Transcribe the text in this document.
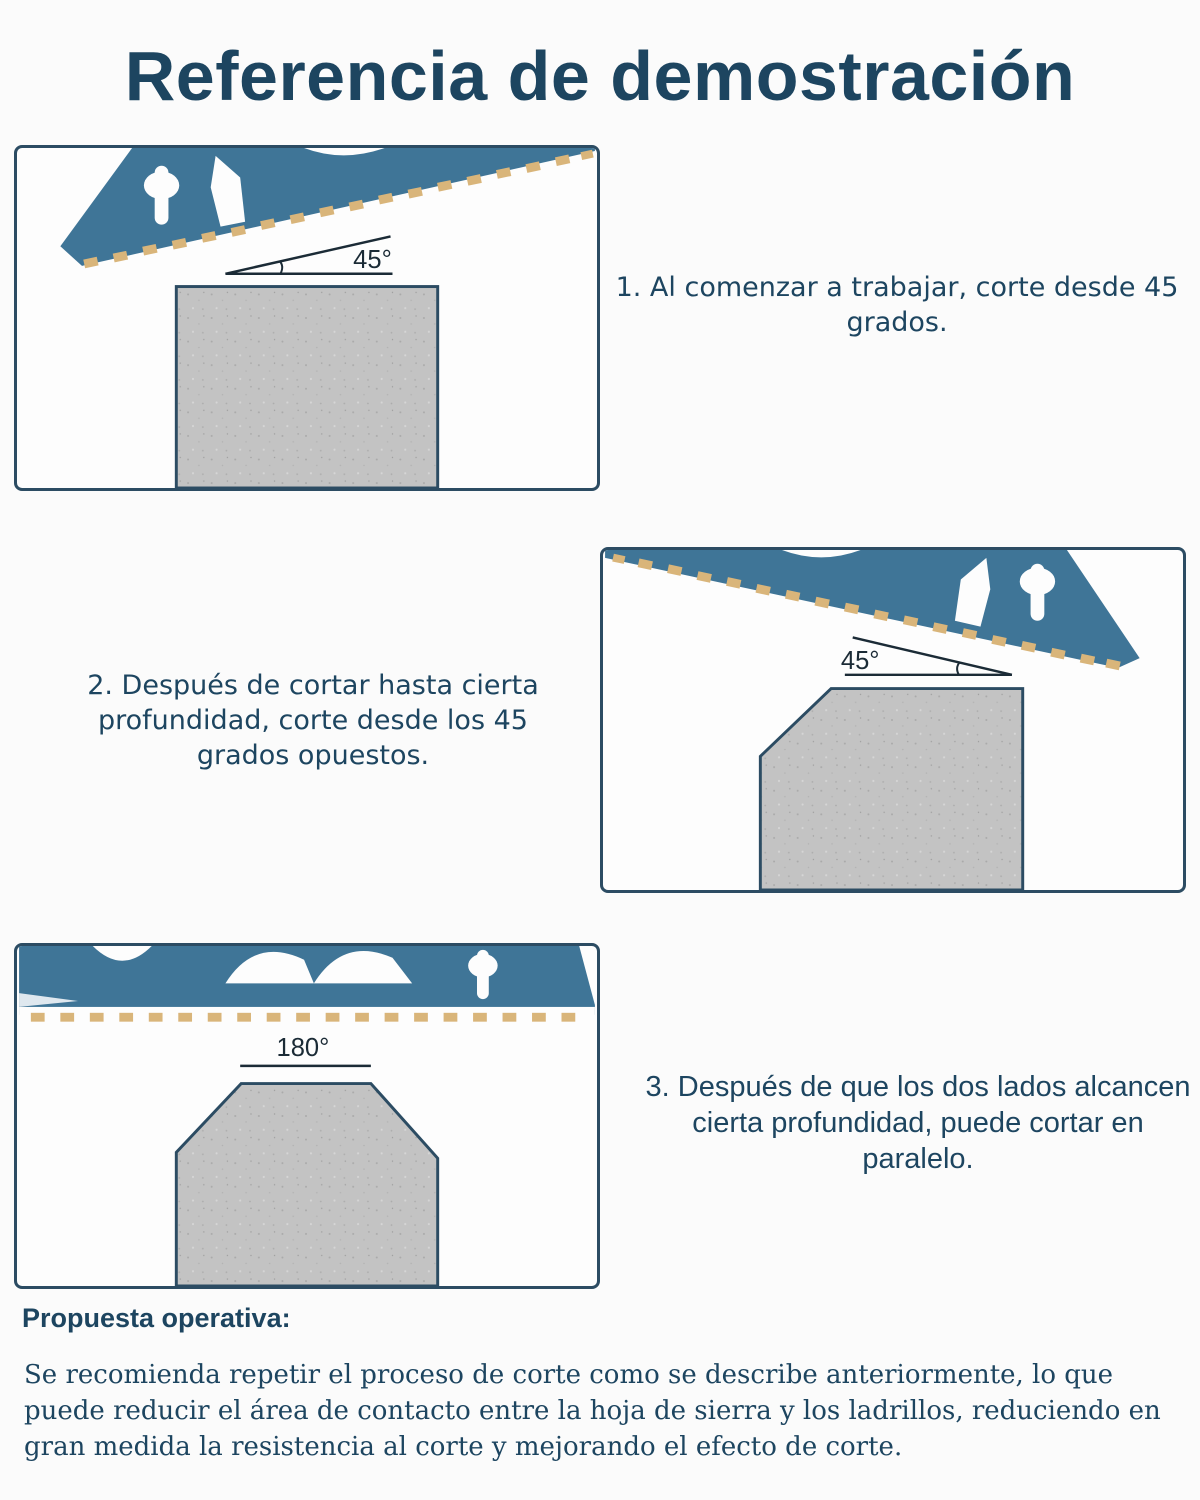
Referencia de demostración
45°
1. Al comenzar a trabajar, corte desde 45 grados.
45°
2. Después de cortar hasta cierta profundidad, corte desde los 45 grados opuestos.
180°
3. Después de que los dos lados alcancen cierta profundidad, puede cortar en paralelo.
Propuesta operativa:
Se recomienda repetir el proceso de corte como se describe anteriormente, lo que puede reducir el área de contacto entre la hoja de sierra y los ladrillos, reduciendo en gran medida la resistencia al corte y mejorando el efecto de corte.
